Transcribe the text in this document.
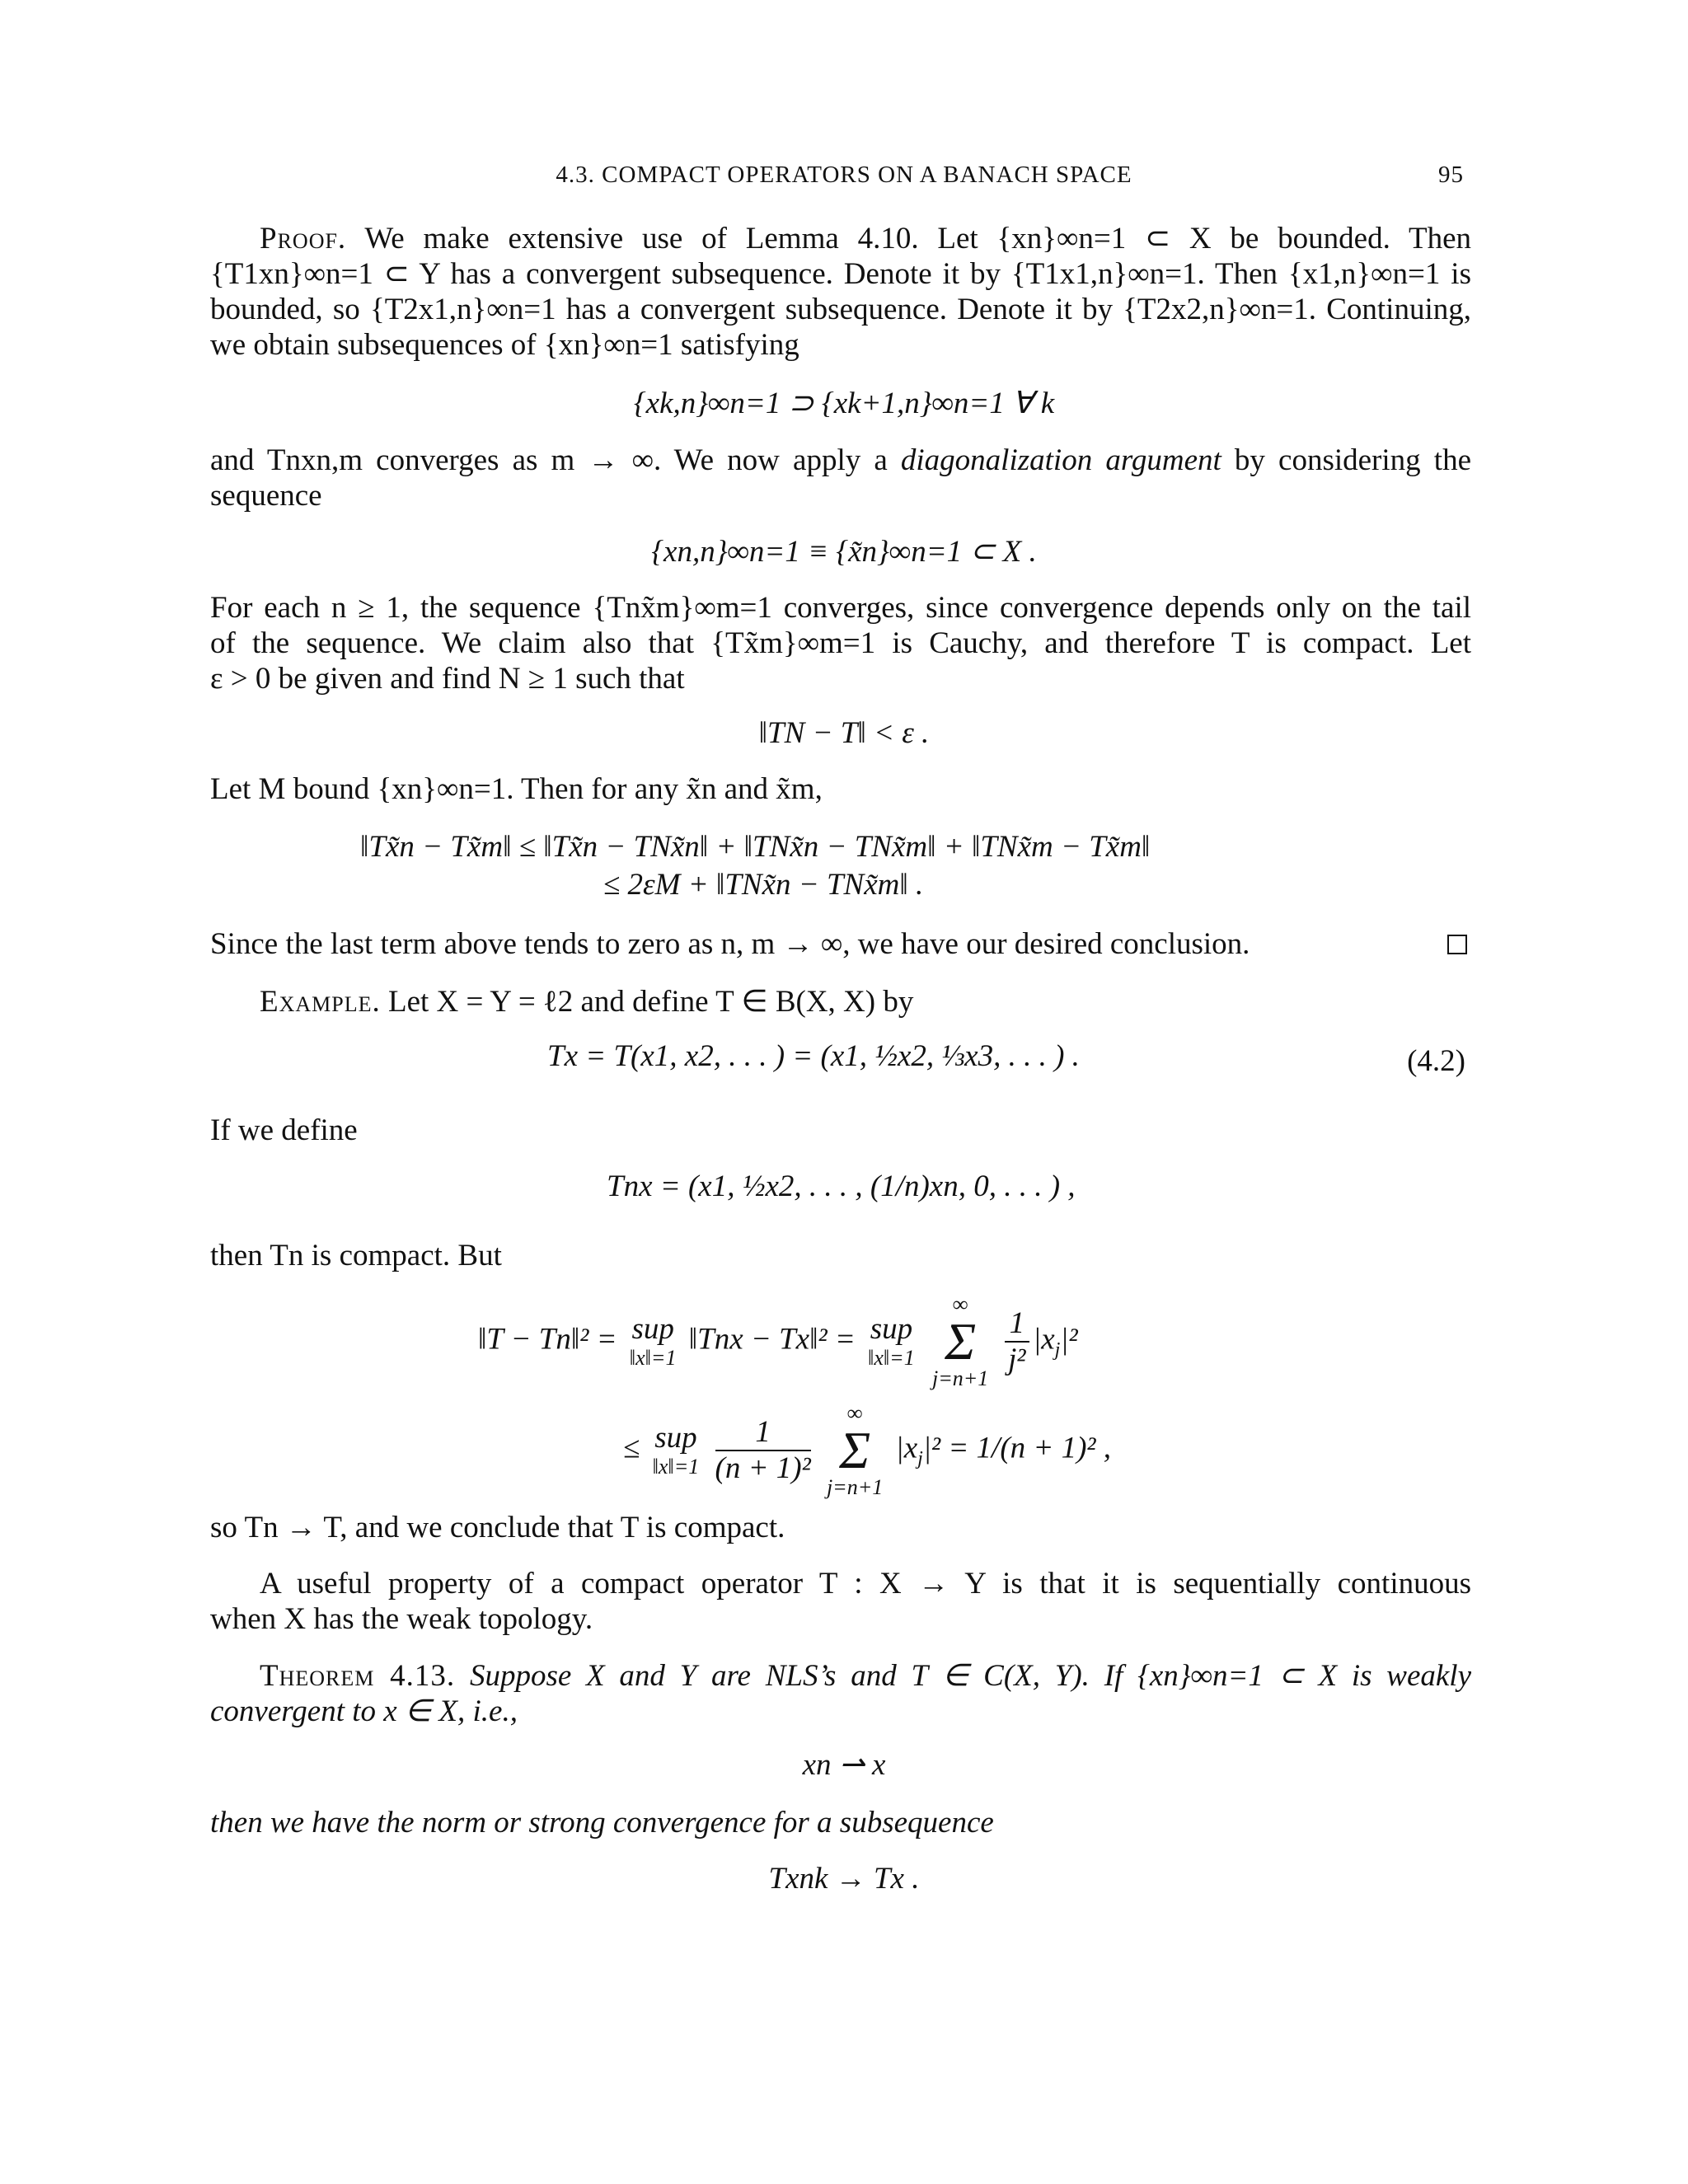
4.3. COMPACT OPERATORS ON A BANACH SPACE	95
Proof. We make extensive use of Lemma 4.10. Let {xn}∞n=1 ⊂ X be bounded. Then
{T1xn}∞n=1 ⊂ Y has a convergent subsequence. Denote it by {T1x1,n}∞n=1. Then {x1,n}∞n=1 is
bounded, so {T2x1,n}∞n=1 has a convergent subsequence. Denote it by {T2x2,n}∞n=1. Continuing,
we obtain subsequences of {xn}∞n=1 satisfying
{xk,n}∞n=1 ⊃ {xk+1,n}∞n=1 ∀ k
and Tnxn,m converges as m → ∞. We now apply a diagonalization argument by considering the
sequence
{xn,n}∞n=1 ≡ {x̃n}∞n=1 ⊂ X .
For each n ≥ 1, the sequence {Tnx̃m}∞m=1 converges, since convergence depends only on the tail
of the sequence. We claim also that {Tx̃m}∞m=1 is Cauchy, and therefore T is compact. Let
ε > 0 be given and find N ≥ 1 such that
‖TN − T‖ < ε .
Let M bound {xn}∞n=1. Then for any x̃n and x̃m,
‖Tx̃n − Tx̃m‖ ≤ ‖Tx̃n − TNx̃n‖ + ‖TNx̃n − TNx̃m‖ + ‖TNx̃m − Tx̃m‖
≤ 2εM + ‖TNx̃n − TNx̃m‖ .
Since the last term above tends to zero as n, m → ∞, we have our desired conclusion.
Example. Let X = Y = ℓ2 and define T ∈ B(X, X) by
Tx = T(x1, x2, . . . ) = (x1, ½x2, ⅓x3, . . . ) .	(4.2)
If we define
Tnx = (x1, ½x2, . . . , (1/n)xn, 0, . . . ) ,
then Tn is compact. But
‖T − Tn‖² = sup
‖x‖=1
‖Tnx − Tx‖² = sup
‖x‖=1

∞
Σ
j=n+1

$\frac{1}{\text{j²}} |x_j|^2$
≤ sup
‖x‖=1
$\frac{1}{\text{(n + 1)²}}$

∞
Σ
j=n+1
$|x_j|^2 = 1/(n + 1)^2$ ,
so Tn → T, and we conclude that T is compact.
A useful property of a compact operator T : X → Y is that it is sequentially continuous
when X has the weak topology.
Theorem 4.13. Suppose X and Y are NLS’s and T ∈ C(X, Y). If {xn}∞n=1 ⊂ X is weakly
convergent to x ∈ X, i.e.,
xn ⇀ x
then we have the norm or strong convergence for a subsequence
Txnk → Tx .
